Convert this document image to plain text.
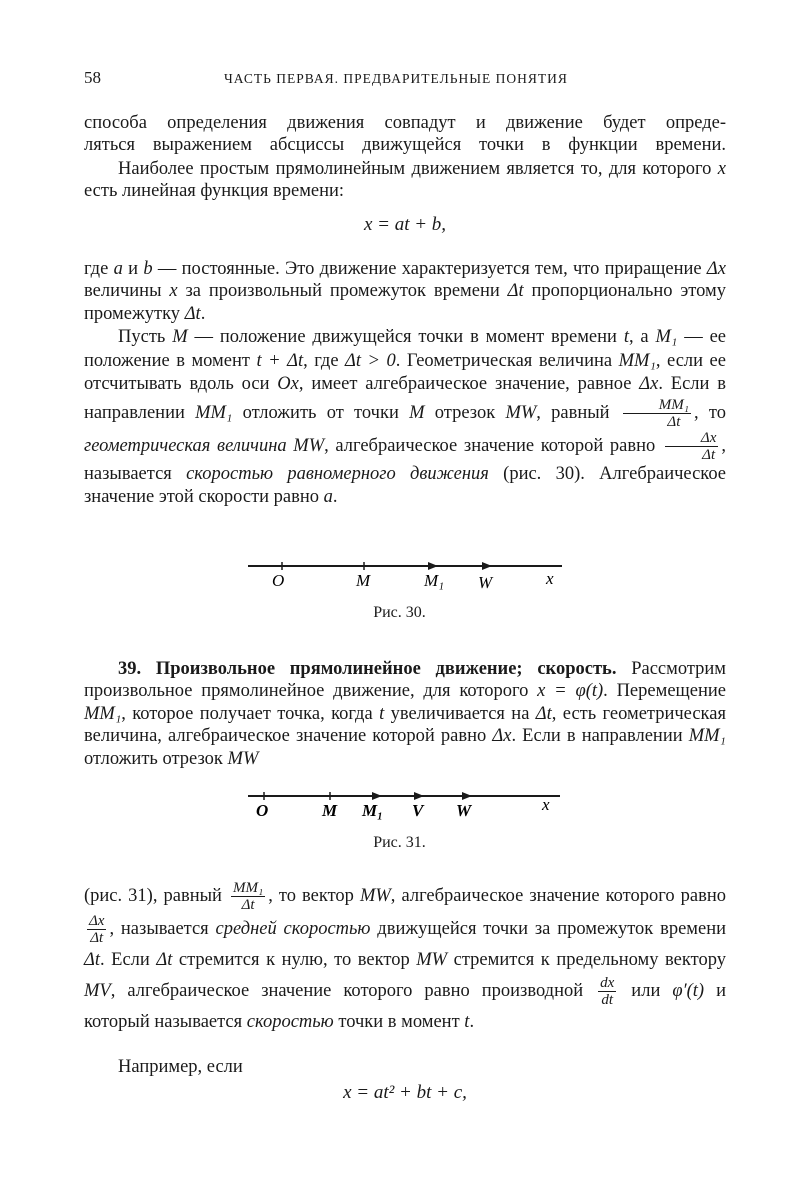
58	ЧАСТЬ ПЕРВАЯ. ПРЕДВАРИТЕЛЬНЫЕ ПОНЯТИЯ

способа определения движения совпадут и движение будет опреде-

ляться выражением абсциссы движущейся точки в функции времени.

Наиболее простым прямолинейным движением является то, для которого x есть линейная функция времени:

x = at + b,

где a и b — постоянные. Это движение характеризуется тем, что приращение Δx величины x за произвольный промежуток времени Δt пропорционально этому промежутку Δt.

Пусть M — положение движущейся точки в момент времени t, а M₁ — ее положение в момент t + Δt, где Δt > 0. Геометрическая величина MM₁, если ее отсчитывать вдоль оси Ox, имеет алгебраическое значение, равное Δx. Если в направлении MM₁ отложить от точки M отрезок MW, равный $\frac{\text{MM₁}}{\Delta t}$ , то геометрическая величина MW, алгебраическое значение которой равно $\frac{\Delta x}{\Delta t}$ , называется скоростью равномерного движения (рис. 30). Алгебраическое значение этой скорости равно a.

O	M	M₁ W	x
Рис. 30.

39. Произвольное прямолинейное движение; скорость. Рассмотрим произвольное прямолинейное движение, для которого x = φ(t). Перемещение MM₁, которое получает точка, когда t увеличивается на Δt, есть геометрическая величина, алгебраическое значение которой равно Δx. Если в направлении MM₁ отложить отрезок MW

O	M M₁ V W	x
Рис. 31.

(рис. 31), равный $\frac{\text{MM₁}}{\Delta t}$ , то вектор MW, алгебраическое значение которого равно
$\frac{\Delta x}{\Delta t}$ , называется средней скоростью движущейся точки за промежуток времени Δt. Если Δt стремится к нулю, то вектор MW стремится к предельному вектору MV, алгебраическое значение которого равно производной $\frac{dx}{dt}$ или φ′(t) и который называется скоростью точки в момент t.

Например, если

x = at² + bt + c,
